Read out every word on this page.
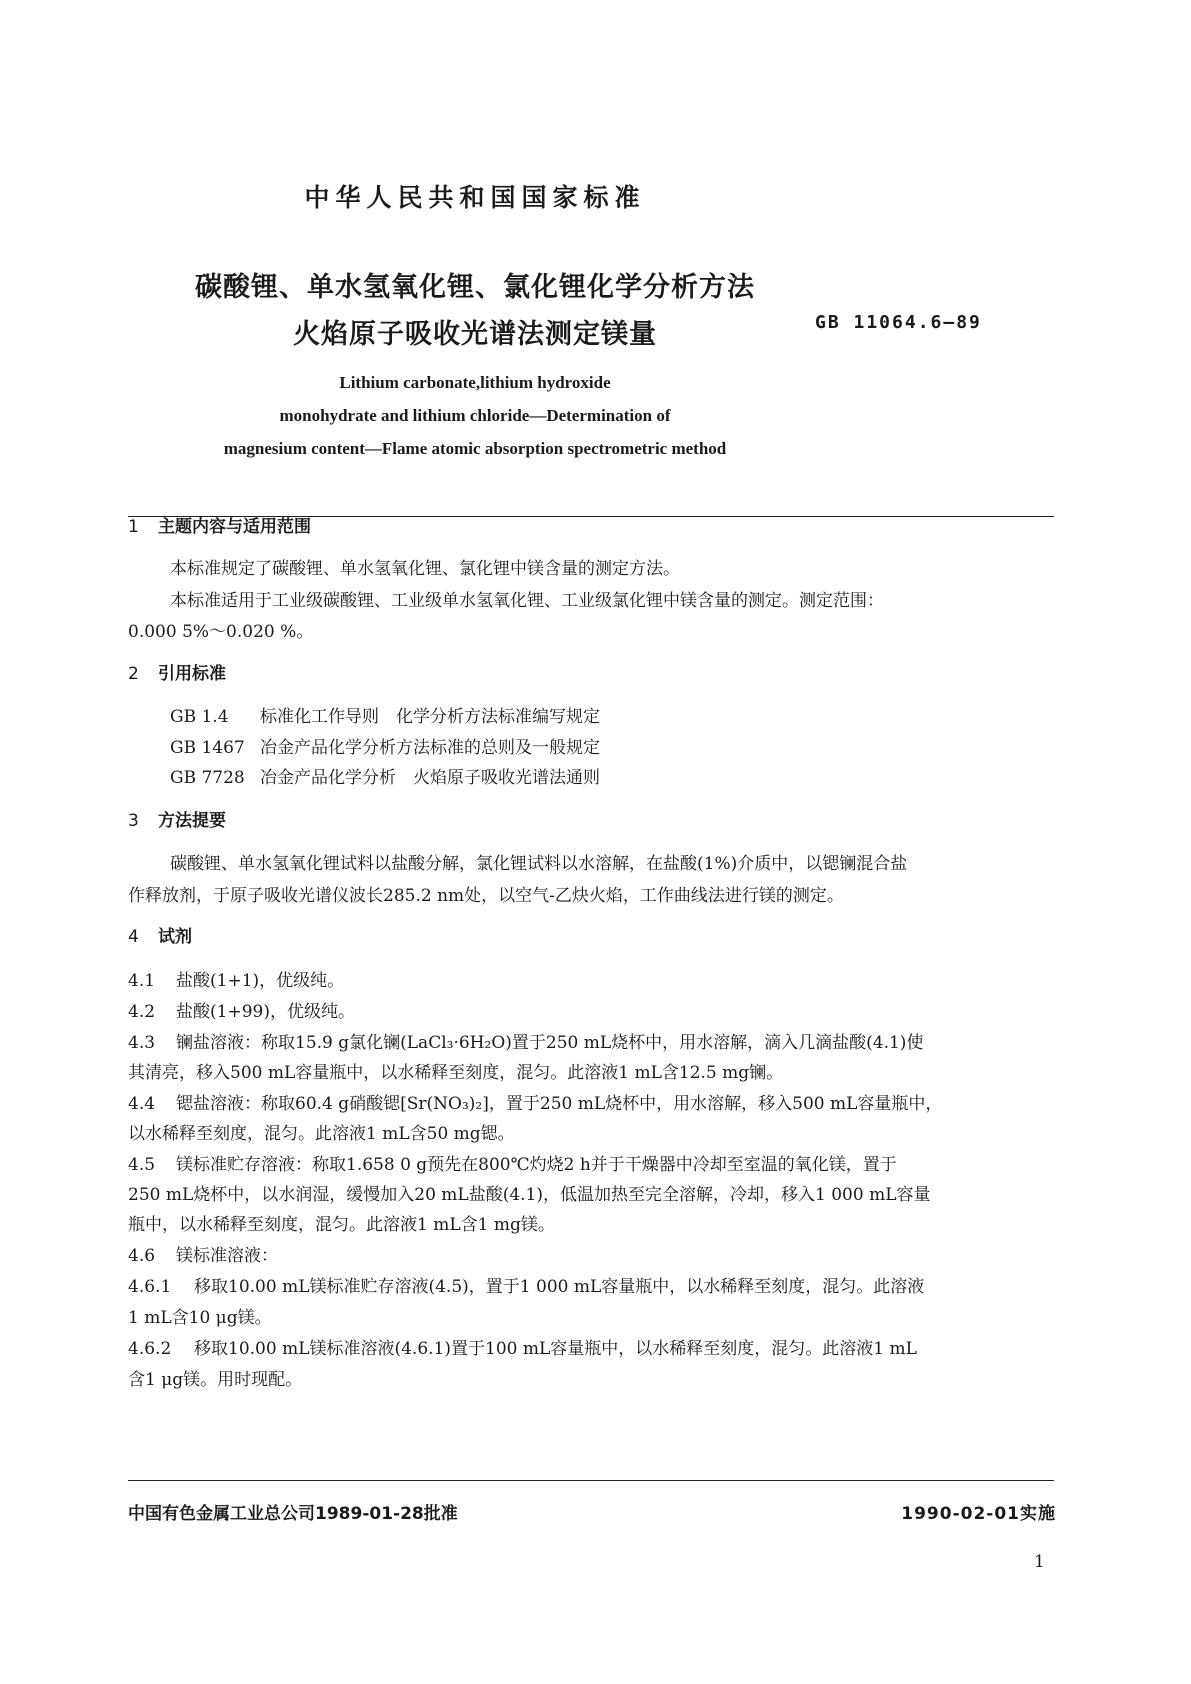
中华人民共和国国家标准
碳酸锂、单水氢氧化锂、氯化锂化学分析方法
火焰原子吸收光谱法测定镁量	GB 11064.6—89
Lithium carbonate,lithium hydroxide
monohydrate and lithium chloride—Determination of
magnesium content—Flame atomic absorption spectrometric method
1 主题内容与适用范围
本标准规定了碳酸锂、单水氢氧化锂、氯化锂中镁含量的测定方法。
本标准适用于工业级碳酸锂、工业级单水氢氧化锂、工业级氯化锂中镁含量的测定。测定范围：
0.000 5%～0.020 %。
2 引用标准
GB 1.4 标准化工作导则　化学分析方法标准编写规定
GB 1467 冶金产品化学分析方法标准的总则及一般规定
GB 7728 冶金产品化学分析　火焰原子吸收光谱法通则
3 方法提要
碳酸锂、单水氢氧化锂试料以盐酸分解，氯化锂试料以水溶解，在盐酸(1%)介质中，以锶镧混合盐
作释放剂，于原子吸收光谱仪波长285.2 nm处，以空气-乙炔火焰，工作曲线法进行镁的测定。
4 试剂
4.1 盐酸(1+1)，优级纯。
4.2 盐酸(1+99)，优级纯。
4.3 镧盐溶液：称取15.9 g氯化镧(LaCl₃·6H₂O)置于250 mL烧杯中，用水溶解，滴入几滴盐酸(4.1)使
其清亮，移入500 mL容量瓶中，以水稀释至刻度，混匀。此溶液1 mL含12.5 mg镧。
4.4 锶盐溶液：称取60.4 g硝酸锶[Sr(NO₃)₂]，置于250 mL烧杯中，用水溶解，移入500 mL容量瓶中，
以水稀释至刻度，混匀。此溶液1 mL含50 mg锶。
4.5 镁标准贮存溶液：称取1.658 0 g预先在800℃灼烧2 h并于干燥器中冷却至室温的氧化镁，置于
250 mL烧杯中，以水润湿，缓慢加入20 mL盐酸(4.1)，低温加热至完全溶解，冷却，移入1 000 mL容量
瓶中，以水稀释至刻度，混匀。此溶液1 mL含1 mg镁。
4.6 镁标准溶液：
4.6.1 移取10.00 mL镁标准贮存溶液(4.5)，置于1 000 mL容量瓶中，以水稀释至刻度，混匀。此溶液
1 mL含10 μg镁。
4.6.2 移取10.00 mL镁标准溶液(4.6.1)置于100 mL容量瓶中，以水稀释至刻度，混匀。此溶液1 mL
含1 μg镁。用时现配。
中国有色金属工业总公司1989-01-28批准	1990-02-01实施
1
